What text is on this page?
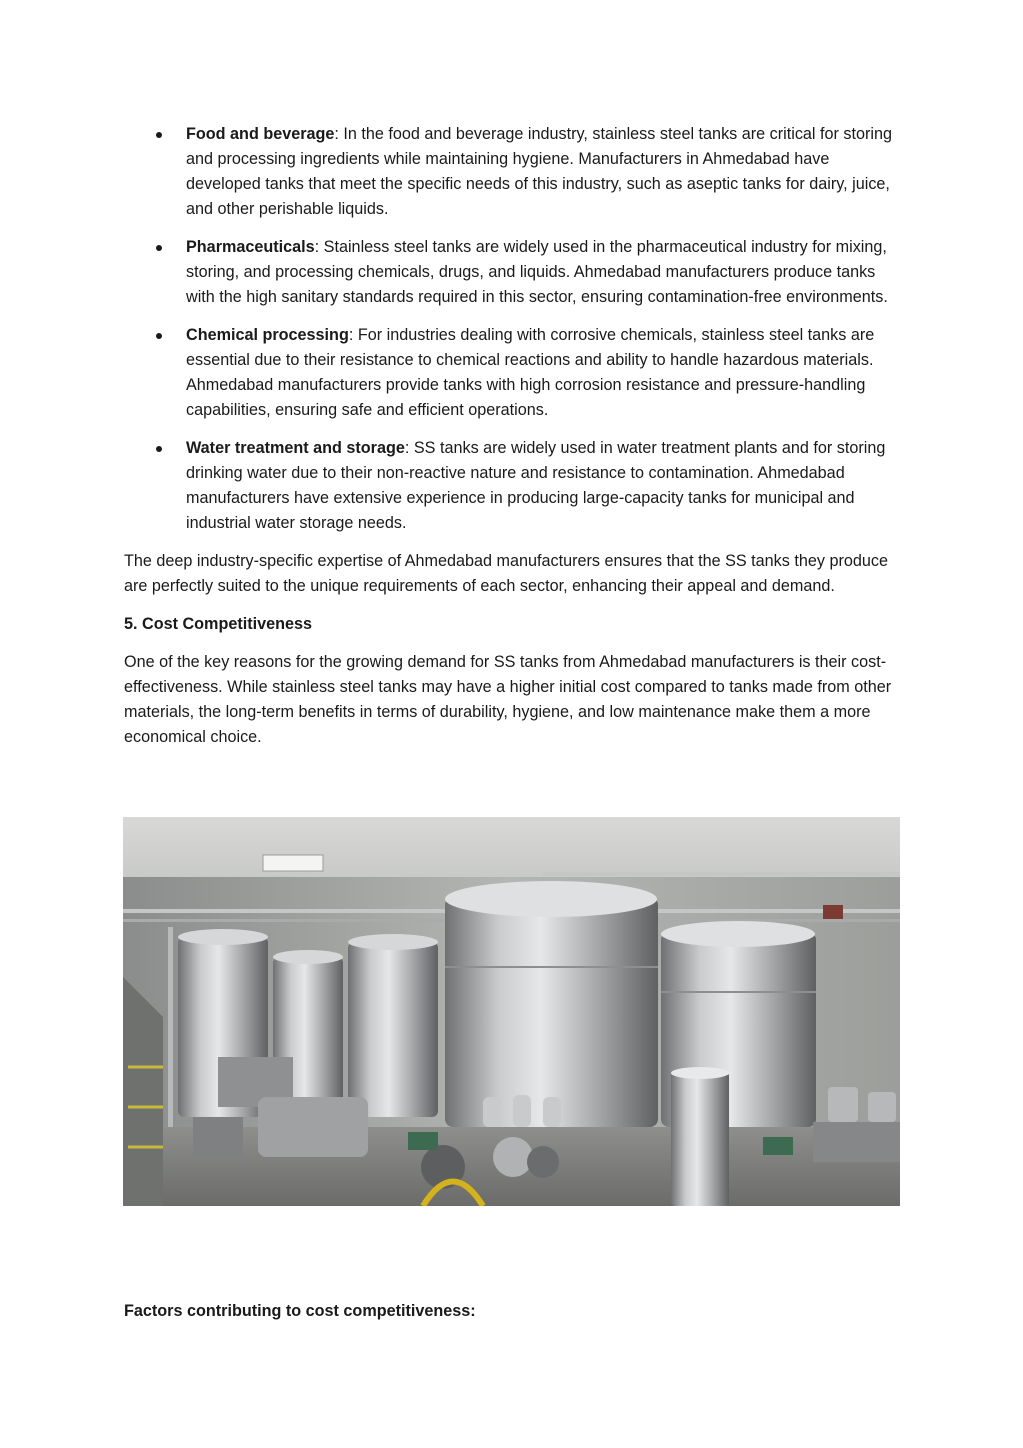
Food and beverage: In the food and beverage industry, stainless steel tanks are critical for storing and processing ingredients while maintaining hygiene. Manufacturers in Ahmedabad have developed tanks that meet the specific needs of this industry, such as aseptic tanks for dairy, juice, and other perishable liquids.
Pharmaceuticals: Stainless steel tanks are widely used in the pharmaceutical industry for mixing, storing, and processing chemicals, drugs, and liquids. Ahmedabad manufacturers produce tanks with the high sanitary standards required in this sector, ensuring contamination-free environments.
Chemical processing: For industries dealing with corrosive chemicals, stainless steel tanks are essential due to their resistance to chemical reactions and ability to handle hazardous materials. Ahmedabad manufacturers provide tanks with high corrosion resistance and pressure-handling capabilities, ensuring safe and efficient operations.
Water treatment and storage: SS tanks are widely used in water treatment plants and for storing drinking water due to their non-reactive nature and resistance to contamination. Ahmedabad manufacturers have extensive experience in producing large-capacity tanks for municipal and industrial water storage needs.

The deep industry-specific expertise of Ahmedabad manufacturers ensures that the SS tanks they produce are perfectly suited to the unique requirements of each sector, enhancing their appeal and demand.

5. Cost Competitiveness

One of the key reasons for the growing demand for SS tanks from Ahmedabad manufacturers is their cost-effectiveness. While stainless steel tanks may have a higher initial cost compared to tanks made from other materials, the long-term benefits in terms of durability, hygiene, and low maintenance make them a more economical choice.

Factors contributing to cost competitiveness:
